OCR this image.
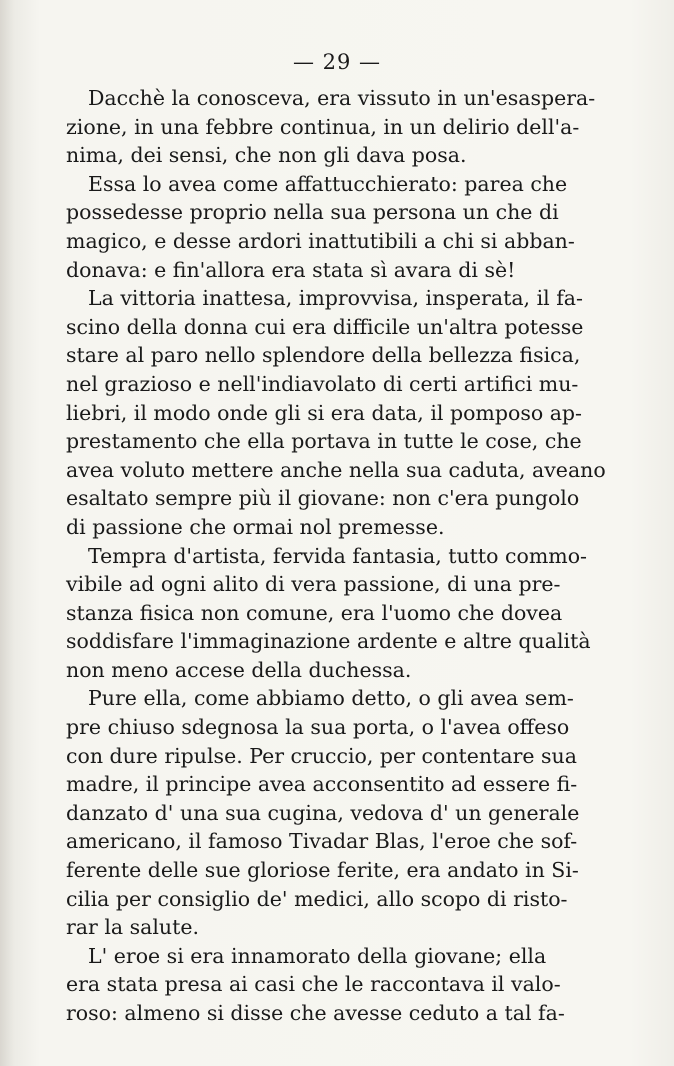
— 29 —
Dacchè la conosceva, era vissuto in un'esaspera-
zione, in una febbre continua, in un delirio dell'a-
nima, dei sensi, che non gli dava posa.
Essa lo avea come affattucchierato: parea che
possedesse proprio nella sua persona un che di
magico, e desse ardori inattutibili a chi si abban-
donava: e fin'allora era stata sì avara di sè!
La vittoria inattesa, improvvisa, insperata, il fa-
scino della donna cui era difficile un'altra potesse
stare al paro nello splendore della bellezza fisica,
nel grazioso e nell'indiavolato di certi artifici mu-
liebri, il modo onde gli si era data, il pomposo ap-
prestamento che ella portava in tutte le cose, che
avea voluto mettere anche nella sua caduta, aveano
esaltato sempre più il giovane: non c'era pungolo
di passione che ormai nol premesse.
Tempra d'artista, fervida fantasia, tutto commo-
vibile ad ogni alito di vera passione, di una pre-
stanza fisica non comune, era l'uomo che dovea
soddisfare l'immaginazione ardente e altre qualità
non meno accese della duchessa.
Pure ella, come abbiamo detto, o gli avea sem-
pre chiuso sdegnosa la sua porta, o l'avea offeso
con dure ripulse. Per cruccio, per contentare sua
madre, il principe avea acconsentito ad essere fi-
danzato d' una sua cugina, vedova d' un generale
americano, il famoso Tivadar Blas, l'eroe che sof-
ferente delle sue gloriose ferite, era andato in Si-
cilia per consiglio de' medici, allo scopo di risto-
rar la salute.
L' eroe si era innamorato della giovane; ella
era stata presa ai casi che le raccontava il valo-
roso: almeno si disse che avesse ceduto a tal fa-
